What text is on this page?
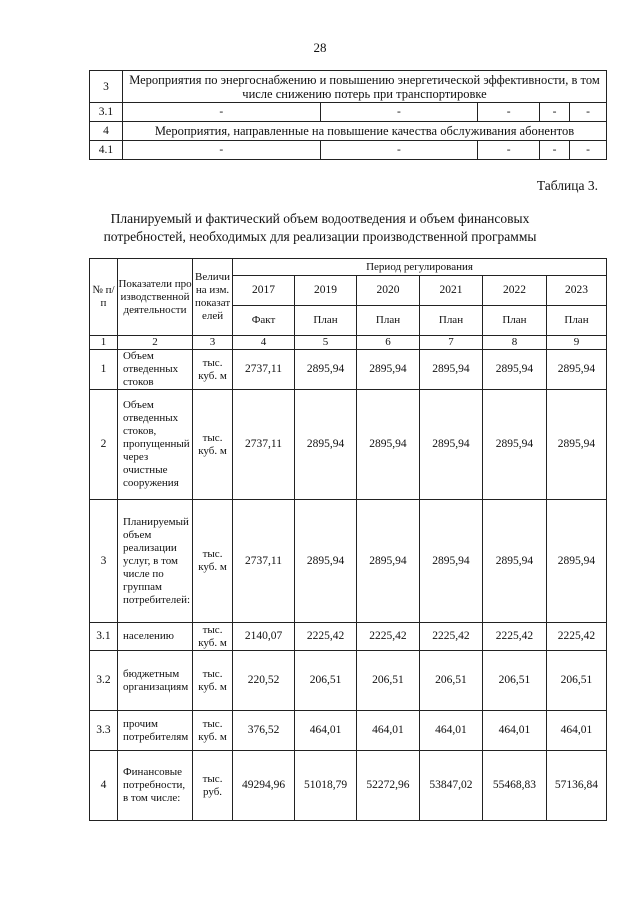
28
3	Мероприятия по энергоснабжению и повышению энергетической эффективности, в том числе снижению потерь при транспортировке				
3.1	-	-	-	-	-
4	Мероприятия, направленные на повышение качества обслуживания абонентов				
4.1	-	-	-	-	-
Таблица 3.
Планируемый и фактический объем водоотведения и объем финансовых
потребностей, необходимых для реализации производственной программы
№ п/п	Показатели производственной деятельности	Величина изм. показателей	Период регулирования					
			2017	2019	2020	2021	2022	2023
			Факт	План	План	План	План	План
1	2	3	4	5	6	7	8	9
1	Объем отведенных стоков	тыс. куб. м	2737,11	2895,94	2895,94	2895,94	2895,94	2895,94
2	Объем отведенных стоков, пропущенный через очистные сооружения	тыс. куб. м	2737,11	2895,94	2895,94	2895,94	2895,94	2895,94
3	Планируемый объем реализации услуг, в том числе по группам потребителей:	тыс. куб. м	2737,11	2895,94	2895,94	2895,94	2895,94	2895,94
3.1	населению	тыс. куб. м	2140,07	2225,42	2225,42	2225,42	2225,42	2225,42
3.2	бюджетным организациям	тыс. куб. м	220,52	206,51	206,51	206,51	206,51	206,51
3.3	прочим потребителям	тыс. куб. м	376,52	464,01	464,01	464,01	464,01	464,01
4	Финансовые потребности, в том числе:	тыс. руб.	49294,96	51018,79	52272,96	53847,02	55468,83	57136,84
